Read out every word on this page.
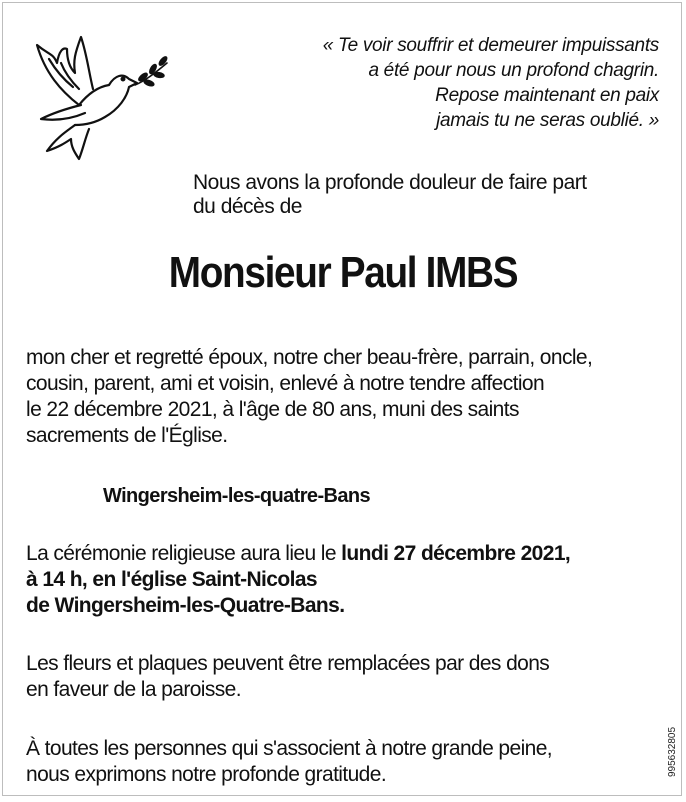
« Te voir souffrir et demeurer impuissants
a été pour nous un profond chagrin.
Repose maintenant en paix
jamais tu ne seras oublié. »
Nous avons la profonde douleur de faire part
du décès de
Monsieur Paul IMBS
mon cher et regretté époux, notre cher beau-frère, parrain, oncle,
cousin, parent, ami et voisin, enlevé à notre tendre affection
le 22 décembre 2021, à l'âge de 80 ans, muni des saints
sacrements de l'Église.
Wingersheim-les-quatre-Bans
La cérémonie religieuse aura lieu le lundi 27 décembre 2021,
à 14 h, en l'église Saint-Nicolas
de Wingersheim-les-Quatre-Bans.
Les fleurs et plaques peuvent être remplacées par des dons
en faveur de la paroisse.
À toutes les personnes qui s'associent à notre grande peine,
nous exprimons notre profonde gratitude.	995632805
